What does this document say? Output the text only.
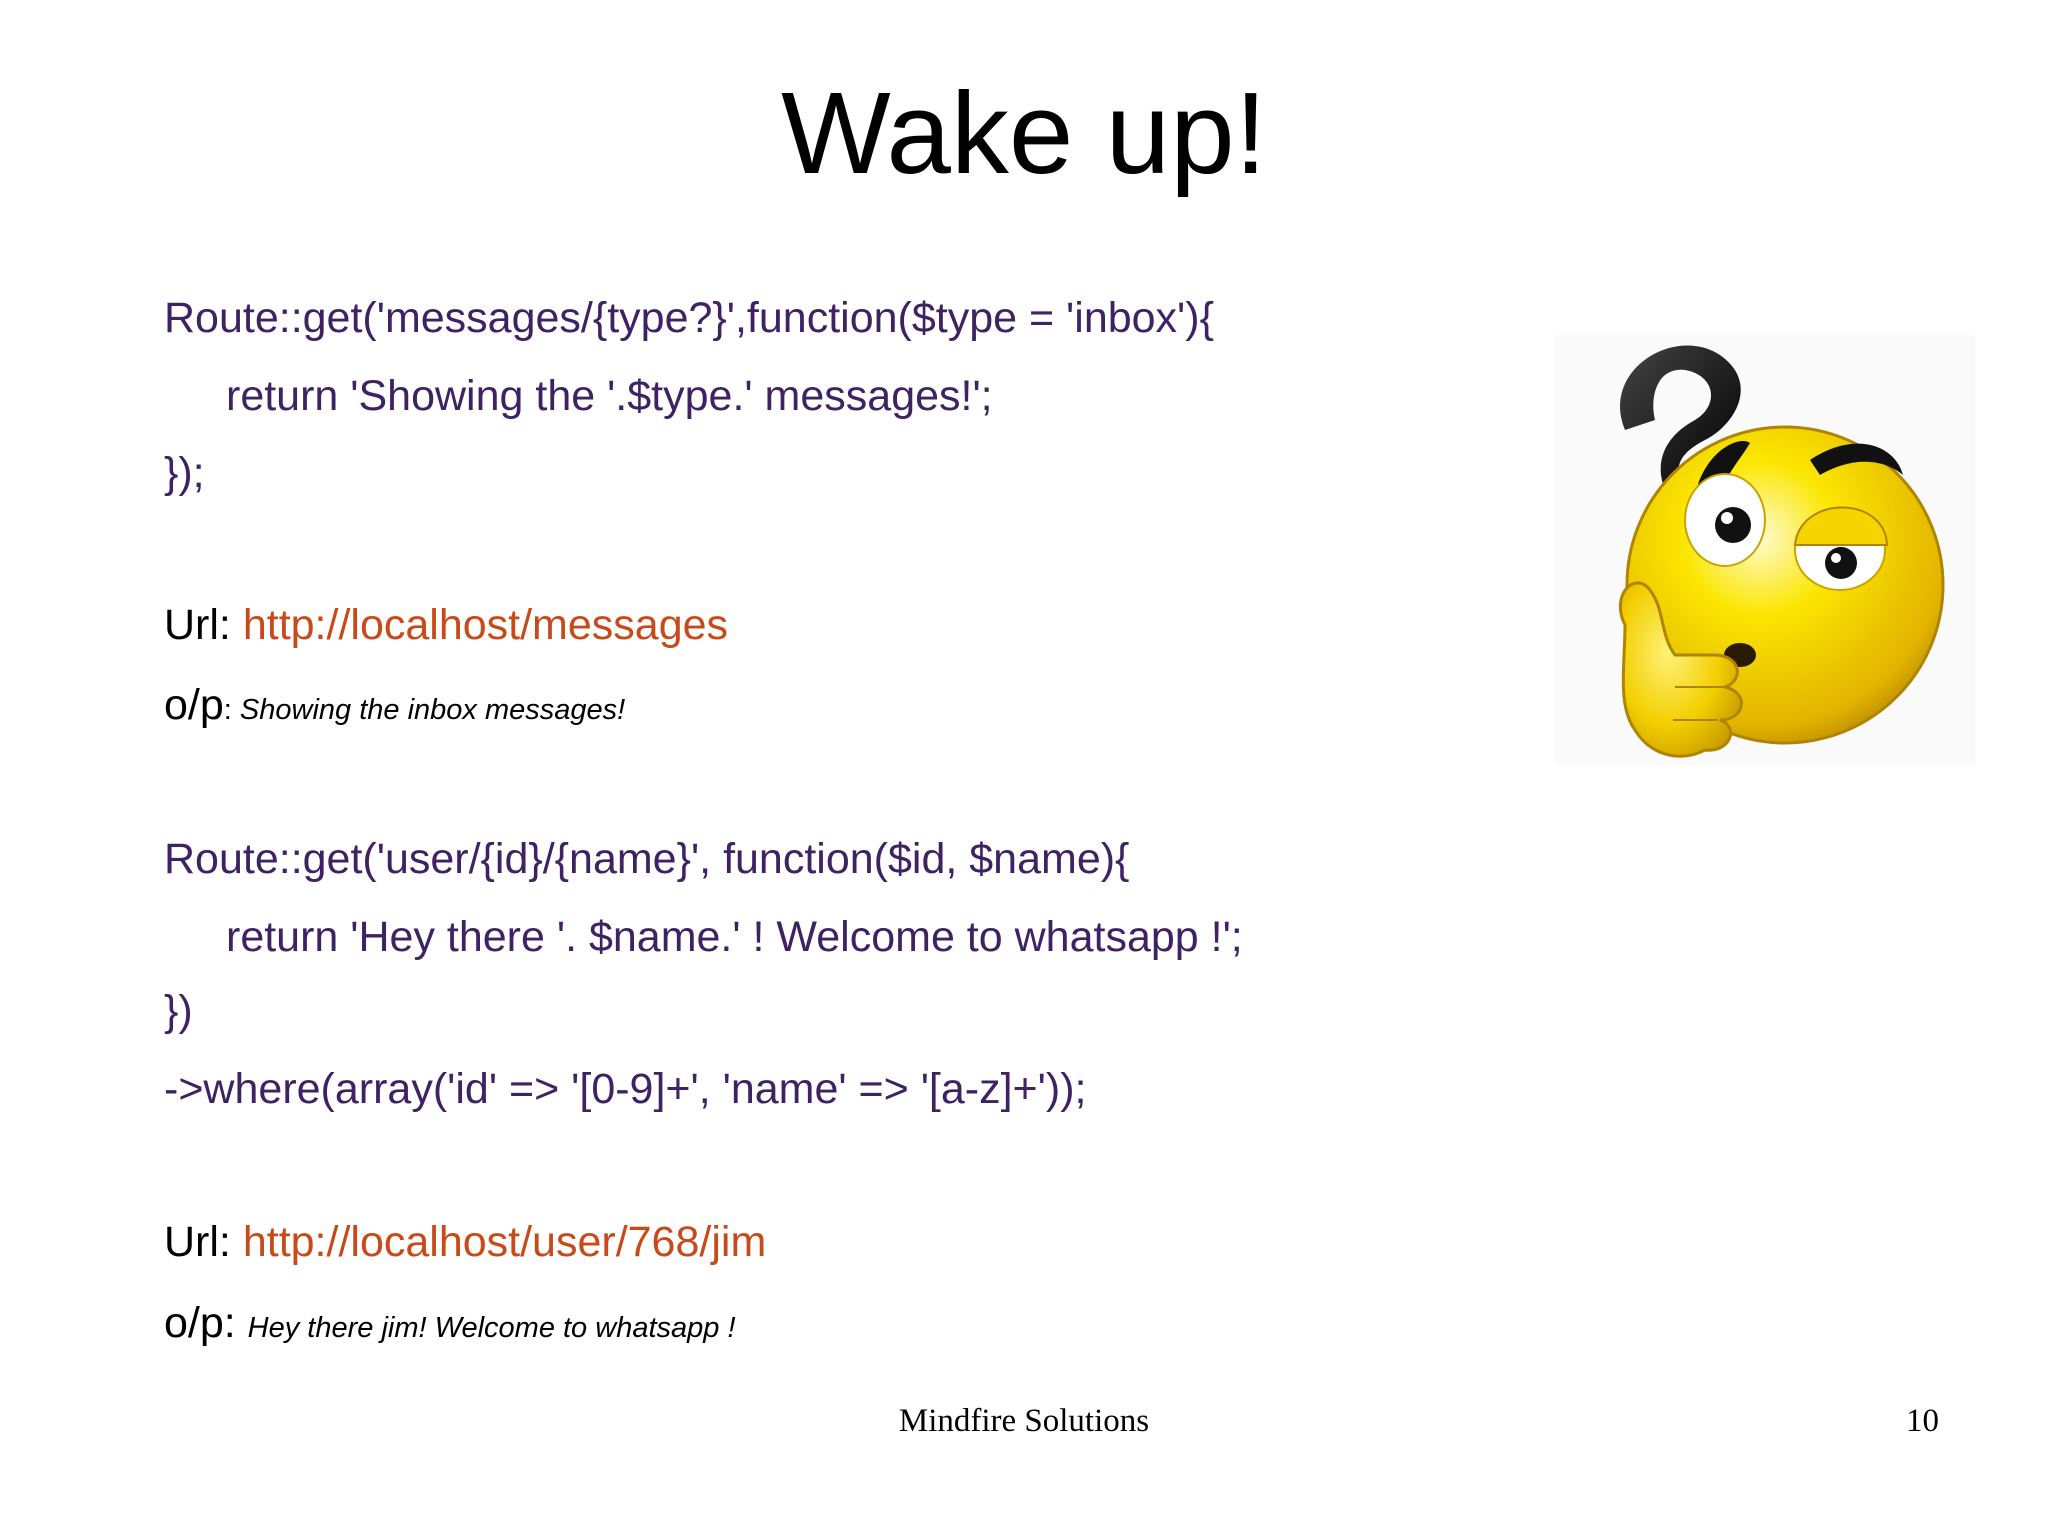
Wake up!
Route::get('messages/{type?}',function($type = 'inbox'){
return 'Showing the '.$type.' messages!';
});
Url: http://localhost/messages
o/p: Showing the inbox messages!
Route::get('user/{id}/{name}', function($id, $name){
return 'Hey there '. $name.' ! Welcome to whatsapp !';
})
->where(array('id' => '[0-9]+', 'name' => '[a-z]+'));
Url: http://localhost/user/768/jim
o/p: Hey there jim! Welcome to whatsapp !
Mindfire Solutions	10
